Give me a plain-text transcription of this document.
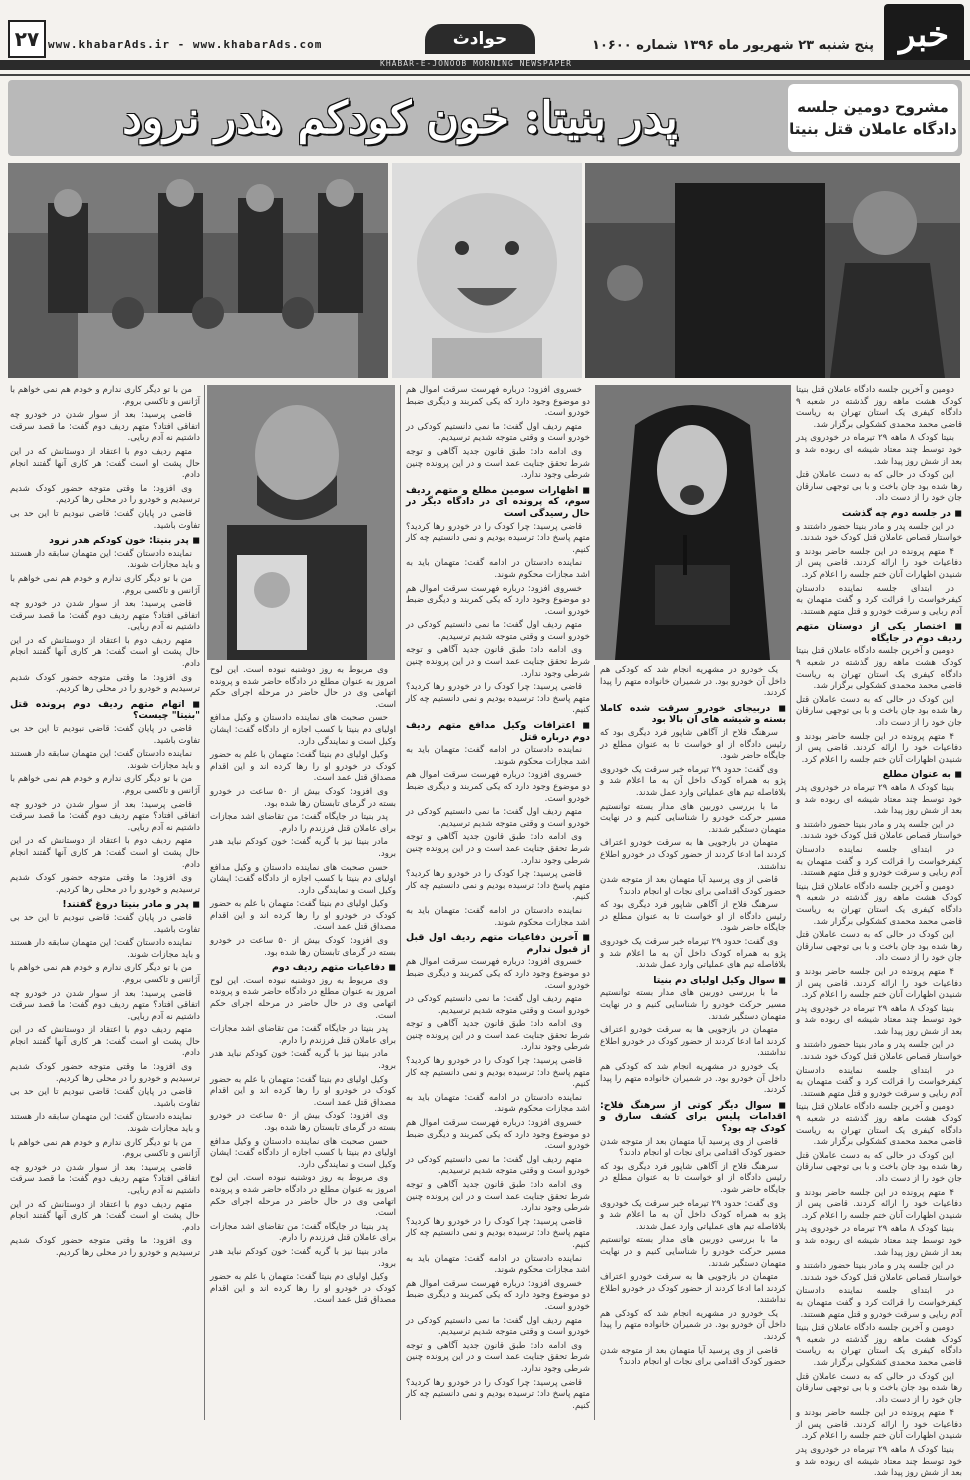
خبر
پنج شنبه ۲۳ شهریور ماه ۱۳۹۶ شماره ۱۰۶۰۰
حوادث
www.khabarAds.ir - www.khabarAds.com
۲۷
KHABAR-E-JONOOB MORNING NEWSPAPER
پدر بنیتا: خون کودکم هدر نرود	مشروح دومین جلسه
دادگاه عاملان قتل بنیتا

دومین و آخرین جلسه دادگاه عاملان قتل بنیتا کودک هشت ماهه روز گذشته در شعبه ۹ دادگاه کیفری یک استان تهران به ریاست قاضی محمد محمدی کشکولی برگزار شد.

بنیتا کودک ۸ ماهه ۲۹ تیرماه در خودروی پدر خود توسط چند معتاد شیشه ای ربوده شد و بعد از شش روز پیدا شد.

این کودک در حالی که به دست عاملان قتل رها شده بود جان باخت و با بی توجهی سارقان جان خود را از دست داد.

◼ در جلسه دوم چه گذشت

در این جلسه پدر و مادر بنیتا حضور داشتند و خواستار قصاص عاملان قتل کودک خود شدند.

۴ متهم پرونده در این جلسه حاضر بودند و دفاعیات خود را ارائه کردند. قاضی پس از شنیدن اظهارات آنان ختم جلسه را اعلام کرد.

در ابتدای جلسه نماینده دادستان کیفرخواست را قرائت کرد و گفت متهمان به آدم ربایی و سرقت خودرو و قتل متهم هستند.

◼ اختصار یکی از دوستان متهم ردیف دوم در جایگاه

دومین و آخرین جلسه دادگاه عاملان قتل بنیتا کودک هشت ماهه روز گذشته در شعبه ۹ دادگاه کیفری یک استان تهران به ریاست قاضی محمد محمدی کشکولی برگزار شد.

این کودک در حالی که به دست عاملان قتل رها شده بود جان باخت و با بی توجهی سارقان جان خود را از دست داد.

۴ متهم پرونده در این جلسه حاضر بودند و دفاعیات خود را ارائه کردند. قاضی پس از شنیدن اظهارات آنان ختم جلسه را اعلام کرد.

◼ به عنوان مطلع

بنیتا کودک ۸ ماهه ۲۹ تیرماه در خودروی پدر خود توسط چند معتاد شیشه ای ربوده شد و بعد از شش روز پیدا شد.

در این جلسه پدر و مادر بنیتا حضور داشتند و خواستار قصاص عاملان قتل کودک خود شدند.

در ابتدای جلسه نماینده دادستان کیفرخواست را قرائت کرد و گفت متهمان به آدم ربایی و سرقت خودرو و قتل متهم هستند.

دومین و آخرین جلسه دادگاه عاملان قتل بنیتا کودک هشت ماهه روز گذشته در شعبه ۹ دادگاه کیفری یک استان تهران به ریاست قاضی محمد محمدی کشکولی برگزار شد.

این کودک در حالی که به دست عاملان قتل رها شده بود جان باخت و با بی توجهی سارقان جان خود را از دست داد.

۴ متهم پرونده در این جلسه حاضر بودند و دفاعیات خود را ارائه کردند. قاضی پس از شنیدن اظهارات آنان ختم جلسه را اعلام کرد.

بنیتا کودک ۸ ماهه ۲۹ تیرماه در خودروی پدر خود توسط چند معتاد شیشه ای ربوده شد و بعد از شش روز پیدا شد.

در این جلسه پدر و مادر بنیتا حضور داشتند و خواستار قصاص عاملان قتل کودک خود شدند.

در ابتدای جلسه نماینده دادستان کیفرخواست را قرائت کرد و گفت متهمان به آدم ربایی و سرقت خودرو و قتل متهم هستند.

دومین و آخرین جلسه دادگاه عاملان قتل بنیتا کودک هشت ماهه روز گذشته در شعبه ۹ دادگاه کیفری یک استان تهران به ریاست قاضی محمد محمدی کشکولی برگزار شد.

این کودک در حالی که به دست عاملان قتل رها شده بود جان باخت و با بی توجهی سارقان جان خود را از دست داد.

۴ متهم پرونده در این جلسه حاضر بودند و دفاعیات خود را ارائه کردند. قاضی پس از شنیدن اظهارات آنان ختم جلسه را اعلام کرد.

بنیتا کودک ۸ ماهه ۲۹ تیرماه در خودروی پدر خود توسط چند معتاد شیشه ای ربوده شد و بعد از شش روز پیدا شد.

در این جلسه پدر و مادر بنیتا حضور داشتند و خواستار قصاص عاملان قتل کودک خود شدند.

در ابتدای جلسه نماینده دادستان کیفرخواست را قرائت کرد و گفت متهمان به آدم ربایی و سرقت خودرو و قتل متهم هستند.

دومین و آخرین جلسه دادگاه عاملان قتل بنیتا کودک هشت ماهه روز گذشته در شعبه ۹ دادگاه کیفری یک استان تهران به ریاست قاضی محمد محمدی کشکولی برگزار شد.

این کودک در حالی که به دست عاملان قتل رها شده بود جان باخت و با بی توجهی سارقان جان خود را از دست داد.

۴ متهم پرونده در این جلسه حاضر بودند و دفاعیات خود را ارائه کردند. قاضی پس از شنیدن اظهارات آنان ختم جلسه را اعلام کرد.

بنیتا کودک ۸ ماهه ۲۹ تیرماه در خودروی پدر خود توسط چند معتاد شیشه ای ربوده شد و بعد از شش روز پیدا شد.

یک خودرو در مشهریه انجام شد که کودکی هم داخل آن خودرو بود. در شمیران خانواده متهم را پیدا کردند.

◼ دربیجای خودرو سرقت شده کاملا بسته و شیشه های آن بالا بود

سرهنگ فلاح از آگاهی شاپور فرد دیگری بود که رئیس دادگاه از او خواست تا به عنوان مطلع در جایگاه حاضر شود.

وی گفت: حدود ۲۹ تیرماه خبر سرقت یک خودروی پژو به همراه کودک داخل آن به ما اعلام شد و بلافاصله تیم های عملیاتی وارد عمل شدند.

ما با بررسی دوربین های مدار بسته توانستیم مسیر حرکت خودرو را شناسایی کنیم و در نهایت متهمان دستگیر شدند.

متهمان در بازجویی ها به سرقت خودرو اعتراف کردند اما ادعا کردند از حضور کودک در خودرو اطلاع نداشتند.

قاضی از وی پرسید آیا متهمان بعد از متوجه شدن حضور کودک اقدامی برای نجات او انجام دادند؟

سرهنگ فلاح از آگاهی شاپور فرد دیگری بود که رئیس دادگاه از او خواست تا به عنوان مطلع در جایگاه حاضر شود.

وی گفت: حدود ۲۹ تیرماه خبر سرقت یک خودروی پژو به همراه کودک داخل آن به ما اعلام شد و بلافاصله تیم های عملیاتی وارد عمل شدند.

◼ سوال وکیل اولیای دم بنیتا

ما با بررسی دوربین های مدار بسته توانستیم مسیر حرکت خودرو را شناسایی کنیم و در نهایت متهمان دستگیر شدند.

متهمان در بازجویی ها به سرقت خودرو اعتراف کردند اما ادعا کردند از حضور کودک در خودرو اطلاع نداشتند.

یک خودرو در مشهریه انجام شد که کودکی هم داخل آن خودرو بود. در شمیران خانواده متهم را پیدا کردند.

◼ سوال دیگر کوتی از سرهنگ فلاح: اقدامات پلیس برای کشف سارق و کودک چه بود؟

قاضی از وی پرسید آیا متهمان بعد از متوجه شدن حضور کودک اقدامی برای نجات او انجام دادند؟

سرهنگ فلاح از آگاهی شاپور فرد دیگری بود که رئیس دادگاه از او خواست تا به عنوان مطلع در جایگاه حاضر شود.

وی گفت: حدود ۲۹ تیرماه خبر سرقت یک خودروی پژو به همراه کودک داخل آن به ما اعلام شد و بلافاصله تیم های عملیاتی وارد عمل شدند.

ما با بررسی دوربین های مدار بسته توانستیم مسیر حرکت خودرو را شناسایی کنیم و در نهایت متهمان دستگیر شدند.

متهمان در بازجویی ها به سرقت خودرو اعتراف کردند اما ادعا کردند از حضور کودک در خودرو اطلاع نداشتند.

یک خودرو در مشهریه انجام شد که کودکی هم داخل آن خودرو بود. در شمیران خانواده متهم را پیدا کردند.

قاضی از وی پرسید آیا متهمان بعد از متوجه شدن حضور کودک اقدامی برای نجات او انجام دادند؟

خسروی افزود: درباره فهرست سرقت اموال هم دو موضوع وجود دارد که یکی کمربند و دیگری ضبط خودرو است.

متهم ردیف اول گفت: ما نمی دانستیم کودکی در خودرو است و وقتی متوجه شدیم ترسیدیم.

وی ادامه داد: طبق قانون جدید آگاهی و توجه شرط تحقق جنایت عمد است و در این پرونده چنین شرطی وجود ندارد.

◼ اظهارات سومین مطلع و متهم ردیف سوم، که پرونده ای در دادگاه دیگر در حال رسیدگی است

قاضی پرسید: چرا کودک را در خودرو رها کردید؟ متهم پاسخ داد: ترسیده بودیم و نمی دانستیم چه کار کنیم.

نماینده دادستان در ادامه گفت: متهمان باید به اشد مجازات محکوم شوند.

خسروی افزود: درباره فهرست سرقت اموال هم دو موضوع وجود دارد که یکی کمربند و دیگری ضبط خودرو است.

متهم ردیف اول گفت: ما نمی دانستیم کودکی در خودرو است و وقتی متوجه شدیم ترسیدیم.

وی ادامه داد: طبق قانون جدید آگاهی و توجه شرط تحقق جنایت عمد است و در این پرونده چنین شرطی وجود ندارد.

قاضی پرسید: چرا کودک را در خودرو رها کردید؟ متهم پاسخ داد: ترسیده بودیم و نمی دانستیم چه کار کنیم.

◼ اعترافات وکیل مدافع متهم ردیف دوم درباره قتل

نماینده دادستان در ادامه گفت: متهمان باید به اشد مجازات محکوم شوند.

خسروی افزود: درباره فهرست سرقت اموال هم دو موضوع وجود دارد که یکی کمربند و دیگری ضبط خودرو است.

متهم ردیف اول گفت: ما نمی دانستیم کودکی در خودرو است و وقتی متوجه شدیم ترسیدیم.

وی ادامه داد: طبق قانون جدید آگاهی و توجه شرط تحقق جنایت عمد است و در این پرونده چنین شرطی وجود ندارد.

قاضی پرسید: چرا کودک را در خودرو رها کردید؟ متهم پاسخ داد: ترسیده بودیم و نمی دانستیم چه کار کنیم.

نماینده دادستان در ادامه گفت: متهمان باید به اشد مجازات محکوم شوند.

◼ آخرین دفاعیات متهم ردیف اول قبل از قبول ندارم

خسروی افزود: درباره فهرست سرقت اموال هم دو موضوع وجود دارد که یکی کمربند و دیگری ضبط خودرو است.

متهم ردیف اول گفت: ما نمی دانستیم کودکی در خودرو است و وقتی متوجه شدیم ترسیدیم.

وی ادامه داد: طبق قانون جدید آگاهی و توجه شرط تحقق جنایت عمد است و در این پرونده چنین شرطی وجود ندارد.

قاضی پرسید: چرا کودک را در خودرو رها کردید؟ متهم پاسخ داد: ترسیده بودیم و نمی دانستیم چه کار کنیم.

نماینده دادستان در ادامه گفت: متهمان باید به اشد مجازات محکوم شوند.

خسروی افزود: درباره فهرست سرقت اموال هم دو موضوع وجود دارد که یکی کمربند و دیگری ضبط خودرو است.

متهم ردیف اول گفت: ما نمی دانستیم کودکی در خودرو است و وقتی متوجه شدیم ترسیدیم.

وی ادامه داد: طبق قانون جدید آگاهی و توجه شرط تحقق جنایت عمد است و در این پرونده چنین شرطی وجود ندارد.

قاضی پرسید: چرا کودک را در خودرو رها کردید؟ متهم پاسخ داد: ترسیده بودیم و نمی دانستیم چه کار کنیم.

نماینده دادستان در ادامه گفت: متهمان باید به اشد مجازات محکوم شوند.

خسروی افزود: درباره فهرست سرقت اموال هم دو موضوع وجود دارد که یکی کمربند و دیگری ضبط خودرو است.

متهم ردیف اول گفت: ما نمی دانستیم کودکی در خودرو است و وقتی متوجه شدیم ترسیدیم.

وی ادامه داد: طبق قانون جدید آگاهی و توجه شرط تحقق جنایت عمد است و در این پرونده چنین شرطی وجود ندارد.

قاضی پرسید: چرا کودک را در خودرو رها کردید؟ متهم پاسخ داد: ترسیده بودیم و نمی دانستیم چه کار کنیم.

وی مربوط به روز دوشنبه نبوده است. این لوح امروز به عنوان مطلع در دادگاه حاضر شده و پرونده اتهامی وی در حال حاضر در مرحله اجرای حکم است.

حسن صحبت های نماینده دادستان و وکیل مدافع اولیای دم بنیتا با کسب اجازه از دادگاه گفت: ایشان وکیل است و نمایندگی دارد.

وکیل اولیای دم بنیتا گفت: متهمان با علم به حضور کودک در خودرو او را رها کرده اند و این اقدام مصداق قتل عمد است.

وی افزود: کودک بیش از ۵۰ ساعت در خودرو بسته در گرمای تابستان رها شده بود.

پدر بنیتا در جایگاه گفت: من تقاضای اشد مجازات برای عاملان قتل فرزندم را دارم.

مادر بنیتا نیز با گریه گفت: خون کودکم نباید هدر برود.

حسن صحبت های نماینده دادستان و وکیل مدافع اولیای دم بنیتا با کسب اجازه از دادگاه گفت: ایشان وکیل است و نمایندگی دارد.

وکیل اولیای دم بنیتا گفت: متهمان با علم به حضور کودک در خودرو او را رها کرده اند و این اقدام مصداق قتل عمد است.

وی افزود: کودک بیش از ۵۰ ساعت در خودرو بسته در گرمای تابستان رها شده بود.

◼ دفاعیات متهم ردیف دوم

وی مربوط به روز دوشنبه نبوده است. این لوح امروز به عنوان مطلع در دادگاه حاضر شده و پرونده اتهامی وی در حال حاضر در مرحله اجرای حکم است.

پدر بنیتا در جایگاه گفت: من تقاضای اشد مجازات برای عاملان قتل فرزندم را دارم.

مادر بنیتا نیز با گریه گفت: خون کودکم نباید هدر برود.

وکیل اولیای دم بنیتا گفت: متهمان با علم به حضور کودک در خودرو او را رها کرده اند و این اقدام مصداق قتل عمد است.

وی افزود: کودک بیش از ۵۰ ساعت در خودرو بسته در گرمای تابستان رها شده بود.

حسن صحبت های نماینده دادستان و وکیل مدافع اولیای دم بنیتا با کسب اجازه از دادگاه گفت: ایشان وکیل است و نمایندگی دارد.

وی مربوط به روز دوشنبه نبوده است. این لوح امروز به عنوان مطلع در دادگاه حاضر شده و پرونده اتهامی وی در حال حاضر در مرحله اجرای حکم است.

پدر بنیتا در جایگاه گفت: من تقاضای اشد مجازات برای عاملان قتل فرزندم را دارم.

مادر بنیتا نیز با گریه گفت: خون کودکم نباید هدر برود.

وکیل اولیای دم بنیتا گفت: متهمان با علم به حضور کودک در خودرو او را رها کرده اند و این اقدام مصداق قتل عمد است.

من با تو دیگر کاری ندارم و خودم هم نمی خواهم با آژانس و تاکسی بروم.

قاضی پرسید: بعد از سوار شدن در خودرو چه اتفاقی افتاد؟ متهم ردیف دوم گفت: ما قصد سرقت داشتیم نه آدم ربایی.

متهم ردیف دوم با اعتقاد از دوستانش که در این حال پشت او است گفت: هر کاری آنها گفتند انجام دادم.

وی افزود: ما وقتی متوجه حضور کودک شدیم ترسیدیم و خودرو را در محلی رها کردیم.

قاضی در پایان گفت: قاضی نبودیم تا این حد بی تفاوت باشید.

◼ پدر بنیتا: خون کودکم هدر نرود

نماینده دادستان گفت: این متهمان سابقه دار هستند و باید مجازات شوند.

من با تو دیگر کاری ندارم و خودم هم نمی خواهم با آژانس و تاکسی بروم.

قاضی پرسید: بعد از سوار شدن در خودرو چه اتفاقی افتاد؟ متهم ردیف دوم گفت: ما قصد سرقت داشتیم نه آدم ربایی.

متهم ردیف دوم با اعتقاد از دوستانش که در این حال پشت او است گفت: هر کاری آنها گفتند انجام دادم.

وی افزود: ما وقتی متوجه حضور کودک شدیم ترسیدیم و خودرو را در محلی رها کردیم.

◼ اتهام متهم ردیف دوم پرونده قتل "بنیتا" چیست؟

قاضی در پایان گفت: قاضی نبودیم تا این حد بی تفاوت باشید.

نماینده دادستان گفت: این متهمان سابقه دار هستند و باید مجازات شوند.

من با تو دیگر کاری ندارم و خودم هم نمی خواهم با آژانس و تاکسی بروم.

قاضی پرسید: بعد از سوار شدن در خودرو چه اتفاقی افتاد؟ متهم ردیف دوم گفت: ما قصد سرقت داشتیم نه آدم ربایی.

متهم ردیف دوم با اعتقاد از دوستانش که در این حال پشت او است گفت: هر کاری آنها گفتند انجام دادم.

وی افزود: ما وقتی متوجه حضور کودک شدیم ترسیدیم و خودرو را در محلی رها کردیم.

◼ پدر و مادر بنیتا دروغ گفتند!

قاضی در پایان گفت: قاضی نبودیم تا این حد بی تفاوت باشید.

نماینده دادستان گفت: این متهمان سابقه دار هستند و باید مجازات شوند.

من با تو دیگر کاری ندارم و خودم هم نمی خواهم با آژانس و تاکسی بروم.

قاضی پرسید: بعد از سوار شدن در خودرو چه اتفاقی افتاد؟ متهم ردیف دوم گفت: ما قصد سرقت داشتیم نه آدم ربایی.

متهم ردیف دوم با اعتقاد از دوستانش که در این حال پشت او است گفت: هر کاری آنها گفتند انجام دادم.

وی افزود: ما وقتی متوجه حضور کودک شدیم ترسیدیم و خودرو را در محلی رها کردیم.

قاضی در پایان گفت: قاضی نبودیم تا این حد بی تفاوت باشید.

نماینده دادستان گفت: این متهمان سابقه دار هستند و باید مجازات شوند.

من با تو دیگر کاری ندارم و خودم هم نمی خواهم با آژانس و تاکسی بروم.

قاضی پرسید: بعد از سوار شدن در خودرو چه اتفاقی افتاد؟ متهم ردیف دوم گفت: ما قصد سرقت داشتیم نه آدم ربایی.

متهم ردیف دوم با اعتقاد از دوستانش که در این حال پشت او است گفت: هر کاری آنها گفتند انجام دادم.

وی افزود: ما وقتی متوجه حضور کودک شدیم ترسیدیم و خودرو را در محلی رها کردیم.
